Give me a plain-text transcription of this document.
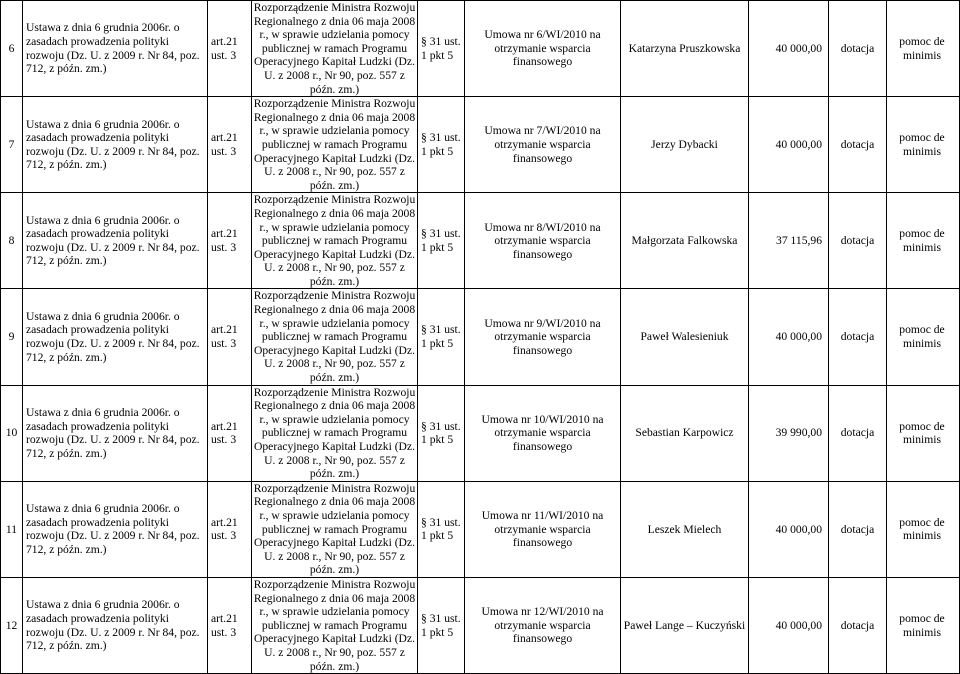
6	Ustawa z dnia 6 grudnia 2006r. o zasadach prowadzenia polityki rozwoju (Dz. U. z 2009 r. Nr 84, poz. 712, z późn. zm.)	art.21 ust. 3	Rozporządzenie Ministra Rozwoju Regionalnego z dnia 06 maja 2008 r., w sprawie udzielania pomocy publicznej w ramach Programu Operacyjnego Kapitał Ludzki (Dz. U. z 2008 r., Nr 90, poz. 557 z późn. zm.)	§ 31 ust. 1 pkt 5	Umowa nr 6/WI/2010 na otrzymanie wsparcia finansowego	Katarzyna Pruszkowska	40 000,00	dotacja	pomoc de minimis
7	Ustawa z dnia 6 grudnia 2006r. o zasadach prowadzenia polityki rozwoju (Dz. U. z 2009 r. Nr 84, poz. 712, z późn. zm.)	art.21 ust. 3	Rozporządzenie Ministra Rozwoju Regionalnego z dnia 06 maja 2008 r., w sprawie udzielania pomocy publicznej w ramach Programu Operacyjnego Kapitał Ludzki (Dz. U. z 2008 r., Nr 90, poz. 557 z późn. zm.)	§ 31 ust. 1 pkt 5	Umowa nr 7/WI/2010 na otrzymanie wsparcia finansowego	Jerzy Dybacki	40 000,00	dotacja	pomoc de minimis
8	Ustawa z dnia 6 grudnia 2006r. o zasadach prowadzenia polityki rozwoju (Dz. U. z 2009 r. Nr 84, poz. 712, z późn. zm.)	art.21 ust. 3	Rozporządzenie Ministra Rozwoju Regionalnego z dnia 06 maja 2008 r., w sprawie udzielania pomocy publicznej w ramach Programu Operacyjnego Kapitał Ludzki (Dz. U. z 2008 r., Nr 90, poz. 557 z późn. zm.)	§ 31 ust. 1 pkt 5	Umowa nr 8/WI/2010 na otrzymanie wsparcia finansowego	Małgorzata Falkowska	37 115,96	dotacja	pomoc de minimis
9	Ustawa z dnia 6 grudnia 2006r. o zasadach prowadzenia polityki rozwoju (Dz. U. z 2009 r. Nr 84, poz. 712, z późn. zm.)	art.21 ust. 3	Rozporządzenie Ministra Rozwoju Regionalnego z dnia 06 maja 2008 r., w sprawie udzielania pomocy publicznej w ramach Programu Operacyjnego Kapitał Ludzki (Dz. U. z 2008 r., Nr 90, poz. 557 z późn. zm.)	§ 31 ust. 1 pkt 5	Umowa nr 9/WI/2010 na otrzymanie wsparcia finansowego	Paweł Walesieniuk	40 000,00	dotacja	pomoc de minimis
10	Ustawa z dnia 6 grudnia 2006r. o zasadach prowadzenia polityki rozwoju (Dz. U. z 2009 r. Nr 84, poz. 712, z późn. zm.)	art.21 ust. 3	Rozporządzenie Ministra Rozwoju Regionalnego z dnia 06 maja 2008 r., w sprawie udzielania pomocy publicznej w ramach Programu Operacyjnego Kapitał Ludzki (Dz. U. z 2008 r., Nr 90, poz. 557 z późn. zm.)	§ 31 ust. 1 pkt 5	Umowa nr 10/WI/2010 na otrzymanie wsparcia finansowego	Sebastian Karpowicz	39 990,00	dotacja	pomoc de minimis
11	Ustawa z dnia 6 grudnia 2006r. o zasadach prowadzenia polityki rozwoju (Dz. U. z 2009 r. Nr 84, poz. 712, z późn. zm.)	art.21 ust. 3	Rozporządzenie Ministra Rozwoju Regionalnego z dnia 06 maja 2008 r., w sprawie udzielania pomocy publicznej w ramach Programu Operacyjnego Kapitał Ludzki (Dz. U. z 2008 r., Nr 90, poz. 557 z późn. zm.)	§ 31 ust. 1 pkt 5	Umowa nr 11/WI/2010 na otrzymanie wsparcia finansowego	Leszek Mielech	40 000,00	dotacja	pomoc de minimis
12	Ustawa z dnia 6 grudnia 2006r. o zasadach prowadzenia polityki rozwoju (Dz. U. z 2009 r. Nr 84, poz. 712, z późn. zm.)	art.21 ust. 3	Rozporządzenie Ministra Rozwoju Regionalnego z dnia 06 maja 2008 r., w sprawie udzielania pomocy publicznej w ramach Programu Operacyjnego Kapitał Ludzki (Dz. U. z 2008 r., Nr 90, poz. 557 z późn. zm.)	§ 31 ust. 1 pkt 5	Umowa nr 12/WI/2010 na otrzymanie wsparcia finansowego	Paweł Lange – Kuczyński	40 000,00	dotacja	pomoc de minimis
